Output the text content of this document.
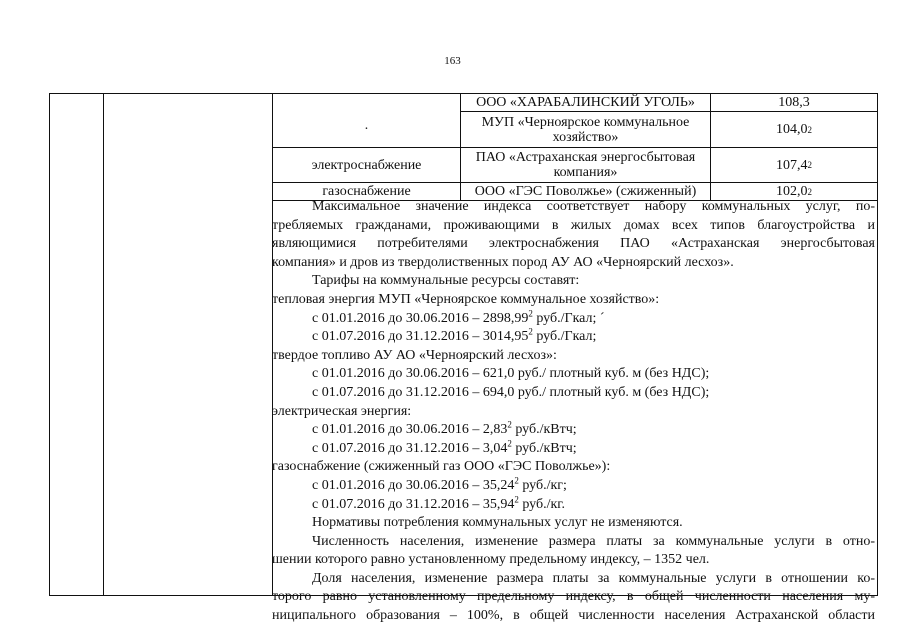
163
ООО «ХАРАБАЛИНСКИЙ УГОЛЬ»	108,3
·	МУП «Черноярское коммунальное хозяйство»	104,0 2
электроснабжение	ПАО «Астраханская энергосбытовая компания»	107,4 2
газоснабжение	ООО «ГЭС Поволжье» (сжиженный)	102,0 2
Максимальное значение индекса соответствует набору коммунальных услуг, по-
требляемых гражданами, проживающими в жилых домах всех типов благоустройства и
являющимися потребителями электроснабжения ПАО «Астраханская энергосбытовая
компания» и дров из твердолиственных пород АУ АО «Черноярский лесхоз».
Тарифы на коммунальные ресурсы составят:
тепловая энергия МУП «Черноярское коммунальное хозяйство»:
с 01.01.2016 до 30.06.2016 – 2898,99$^2$ руб./Гкал; ´
с 01.07.2016 до 31.12.2016 – 3014,95$^2$ руб./Гкал;
твердое топливо АУ АО «Черноярский лесхоз»:
с 01.01.2016 до 30.06.2016 – 621,0 руб./ плотный куб. м (без НДС);
с 01.07.2016 до 31.12.2016 – 694,0 руб./ плотный куб. м (без НДС);
электрическая энергия:
с 01.01.2016 до 30.06.2016 – 2,83$^2$ руб./кВтч;
с 01.07.2016 до 31.12.2016 – 3,04$^2$ руб./кВтч;
газоснабжение (сжиженный газ ООО «ГЭС Поволжье»):
с 01.01.2016 до 30.06.2016 – 35,24$^2$ руб./кг;
с 01.07.2016 до 31.12.2016 – 35,94$^2$ руб./кг.
Нормативы потребления коммунальных услуг не изменяются.
Численность населения, изменение размера платы за коммунальные услуги в отно-
шении которого равно установленному предельному индексу, – 1352 чел.
Доля населения, изменение размера платы за коммунальные услуги в отношении ко-
торого равно установленному предельному индексу, в общей численности населения му-
ниципального образования – 100%, в общей численности населения Астраханской области
